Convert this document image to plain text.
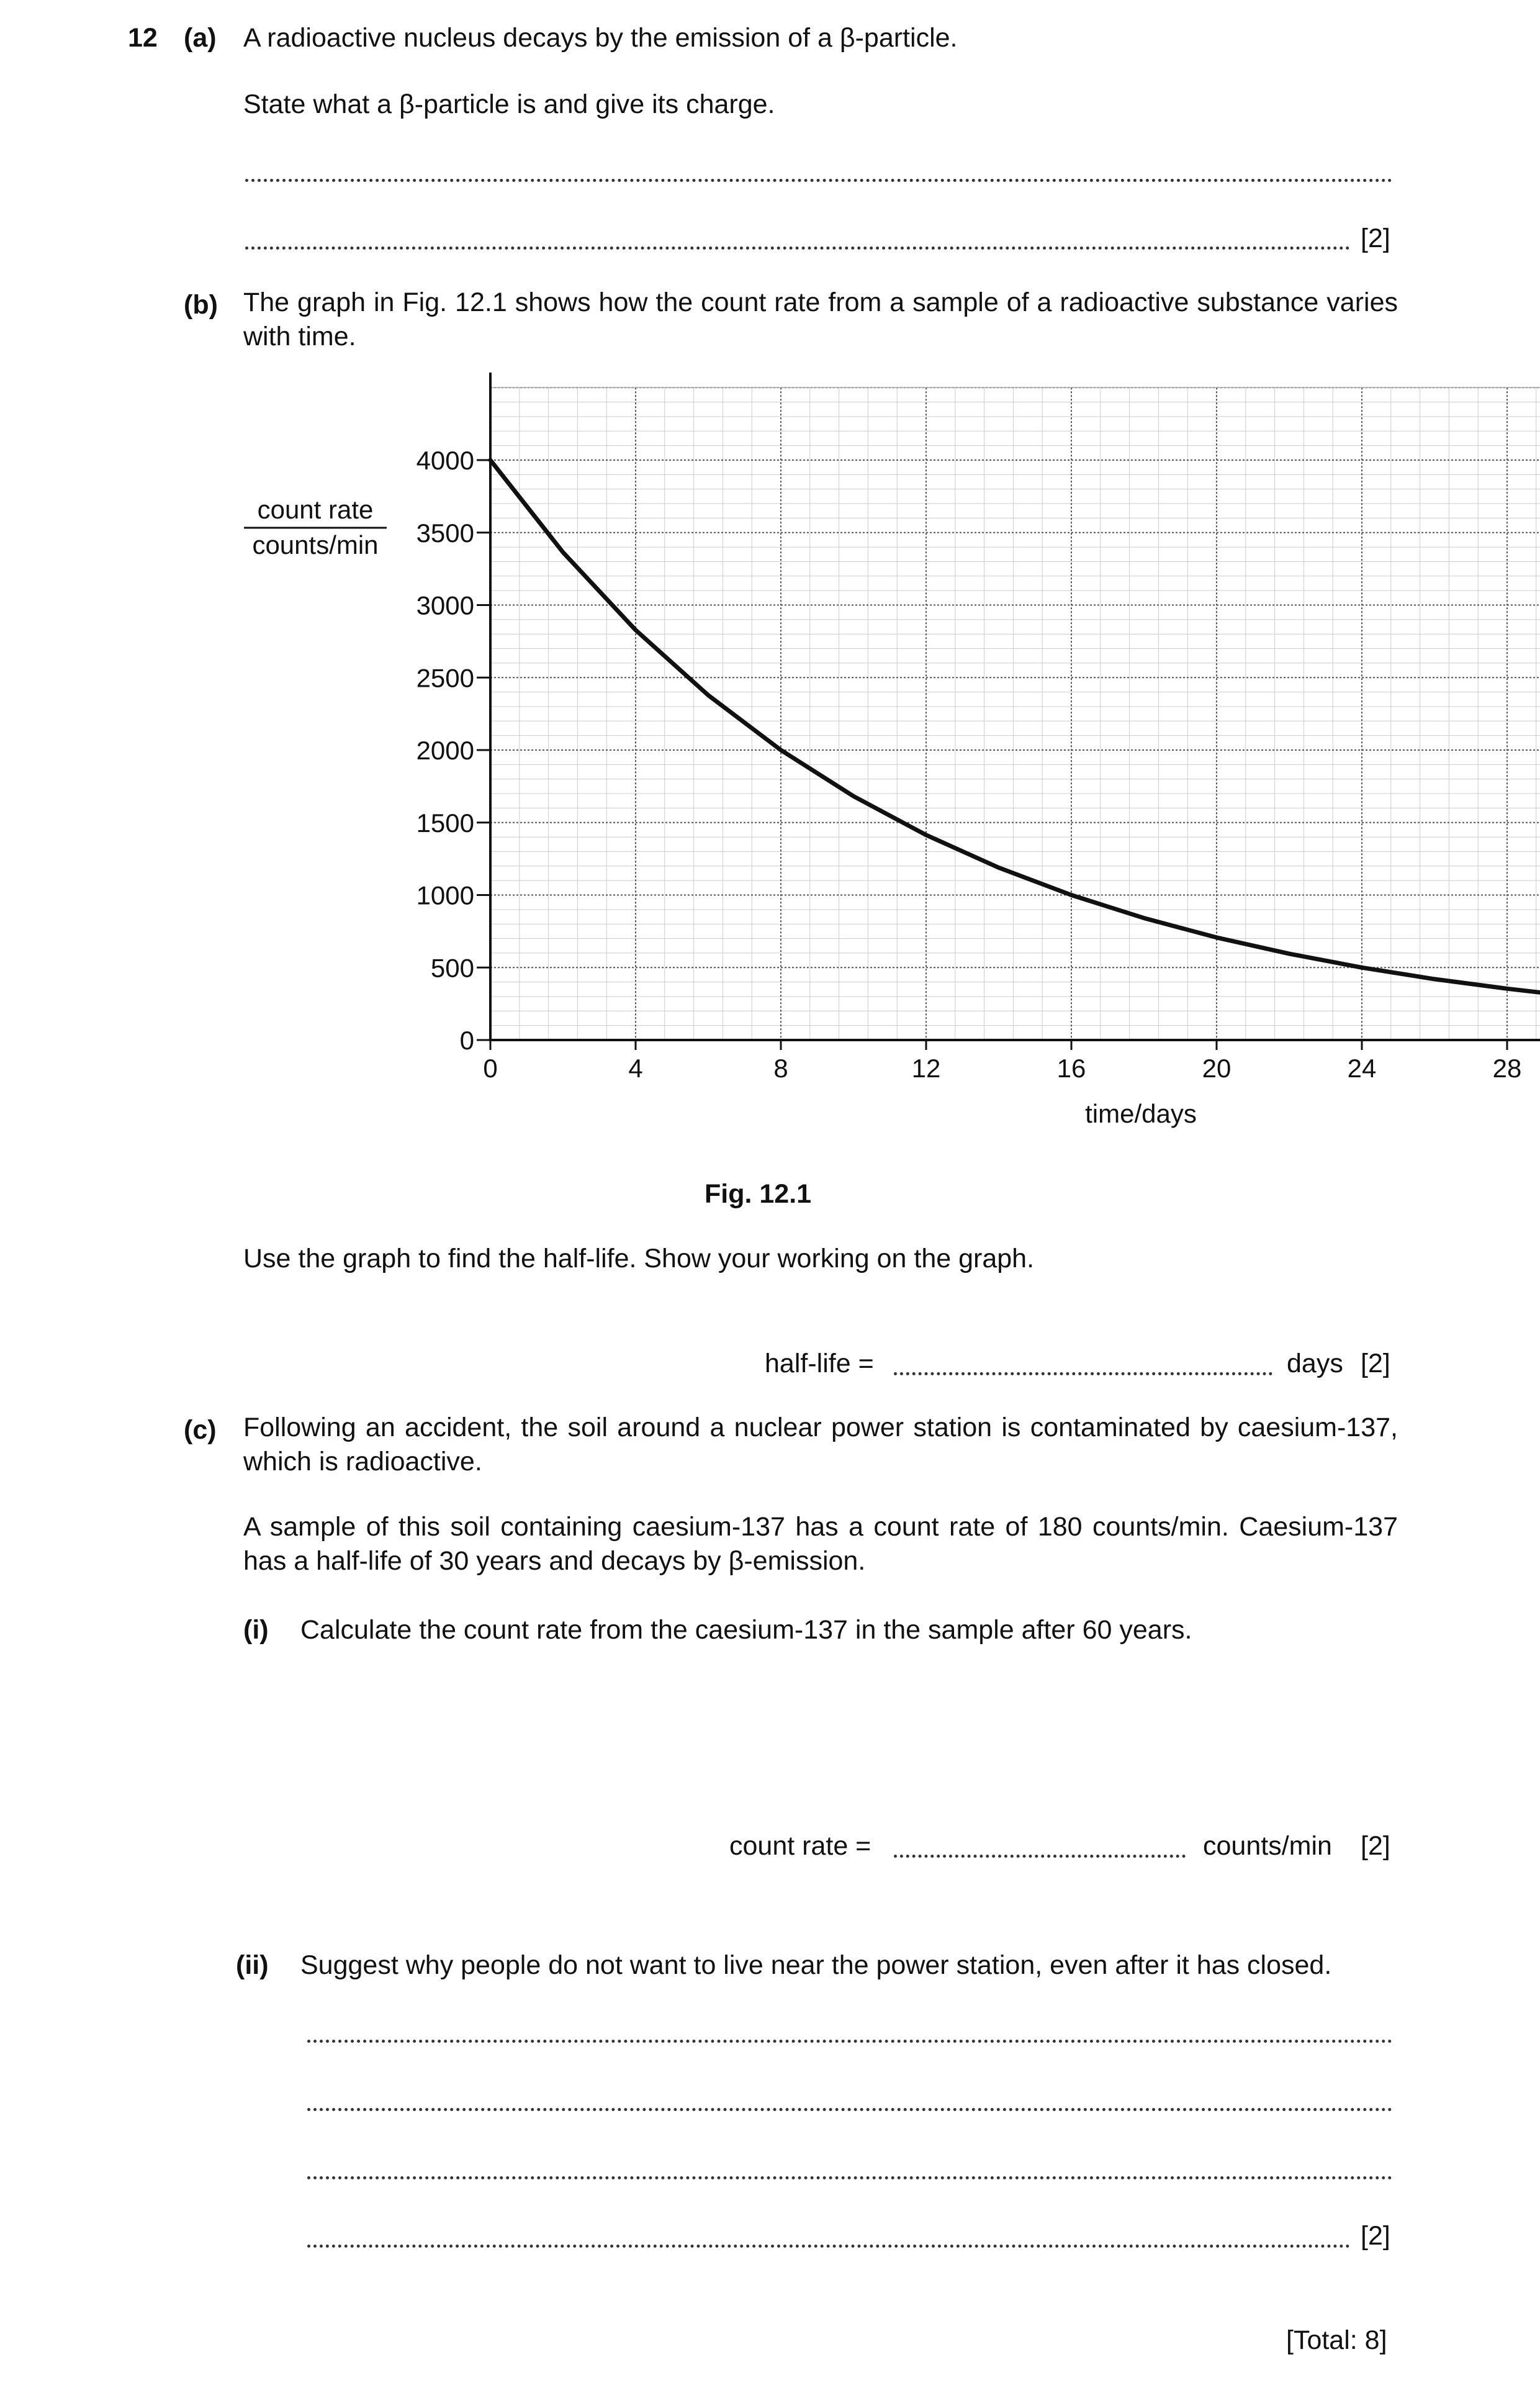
12 (a) A radioactive nucleus decays by the emission of a β-particle.
State what a β-particle is and give its charge.
[2]
(b) The graph in Fig. 12.1 shows how the count rate from a sample of a radioactive substance varies with time.
0	4	8	12	16	20	24	28
0
500
1000
1500
2000
2500
3000
3500
4000
count rate
counts/min
time/days
Fig. 12.1
Use the graph to find the half-life. Show your working on the graph.
half-life =	days [2]
(c) Following an accident, the soil around a nuclear power station is contaminated by caesium-137, which is radioactive.
A sample of this soil containing caesium-137 has a count rate of 180 counts/min. Caesium-137 has a half-life of 30 years and decays by β-emission.
(i) Calculate the count rate from the caesium-137 in the sample after 60 years.
count rate =	counts/min [2]
(ii) Suggest why people do not want to live near the power station, even after it has closed.
[2]
[Total: 8]
